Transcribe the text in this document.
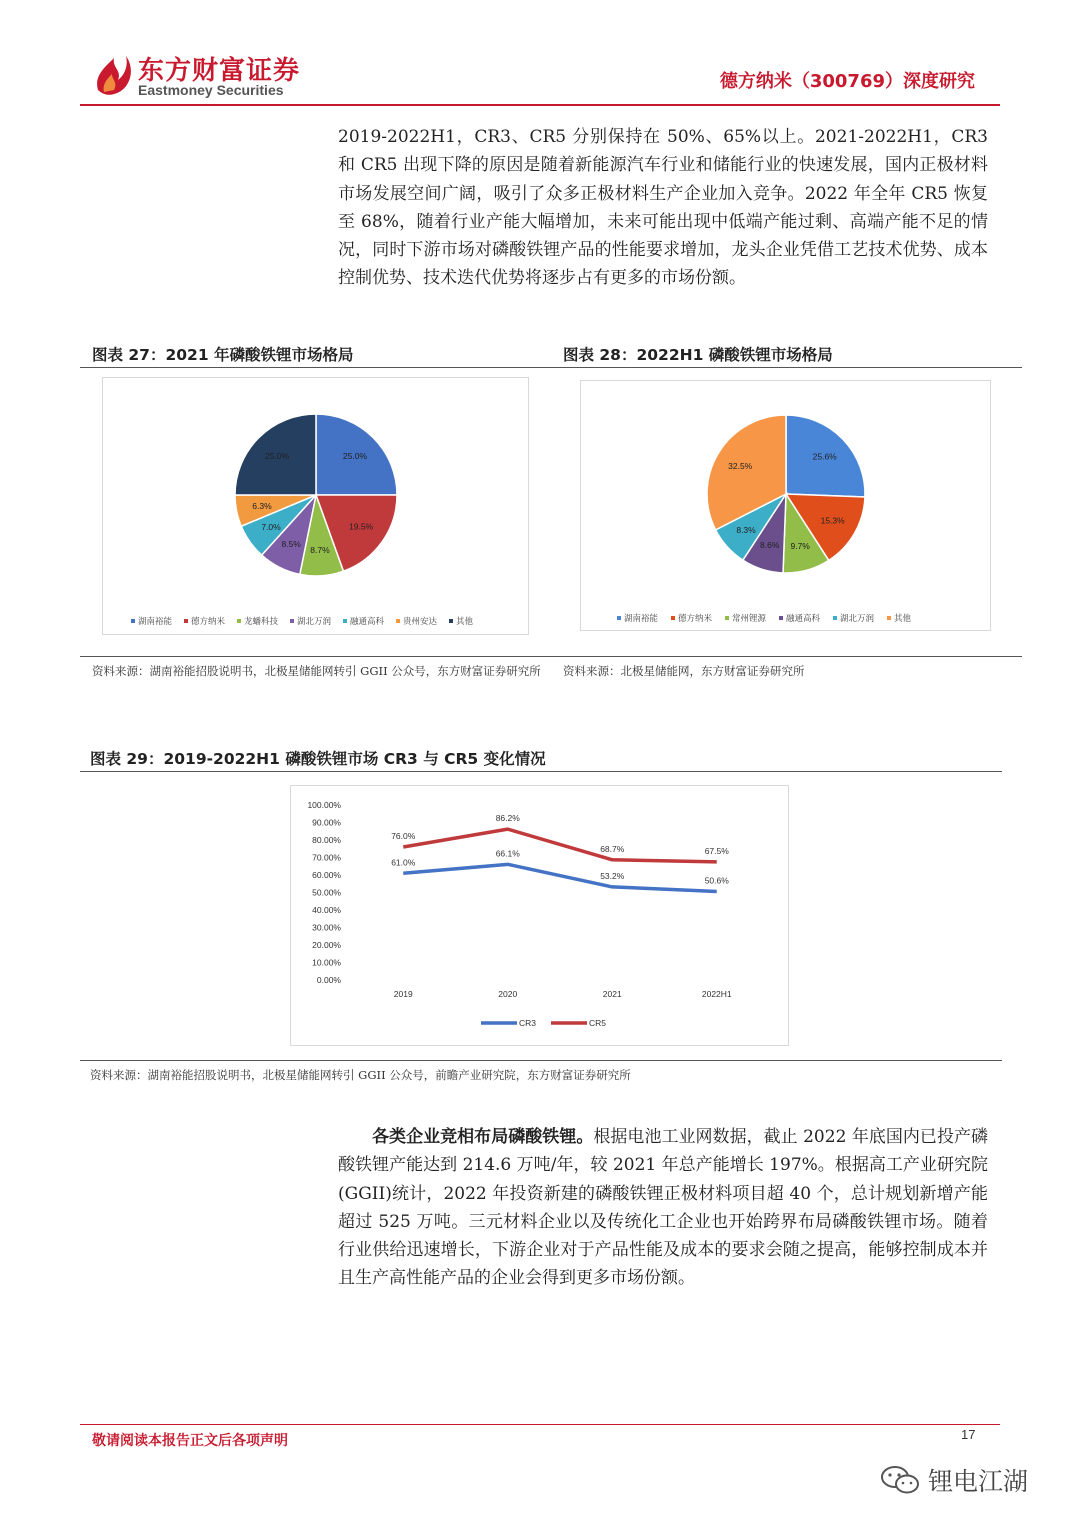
东方财富证券
Eastmoney Securities	德方纳米（300769）深度研究
2019-2022H1，CR3、CR5 分别保持在 50%、65%以上。2021-2022H1，CR3 和 CR5 出现下降的原因是随着新能源汽车行业和储能行业的快速发展，国内正极材料市场发展空间广阔，吸引了众多正极材料生产企业加入竞争。2022 年全年 CR5 恢复至 68%，随着行业产能大幅增加，未来可能出现中低端产能过剩、高端产能不足的情况，同时下游市场对磷酸铁锂产品的性能要求增加，龙头企业凭借工艺技术优势、成本控制优势、技术迭代优势将逐步占有更多的市场份额。
图表 27：2021 年磷酸铁锂市场格局	图表 28：2022H1 磷酸铁锂市场格局
25.0%
19.5%
8.7%
8.5%
7.0%
6.3%
25.0%
湖南裕能 德方纳米 龙蟠科技 湖北万润 融通高科 贵州安达 其他
25.6%
15.3%
9.7%
8.6%
8.3%
32.5%
湖南裕能 德方纳米 常州锂源 融通高科 湖北万润 其他
资料来源：湖南裕能招股说明书，北极星储能网转引 GGII 公众号，东方财富证券研究所	资料来源：北极星储能网，东方财富证券研究所
图表 29：2019-2022H1 磷酸铁锂市场 CR3 与 CR5 变化情况
0.00%
10.00%
20.00%
30.00%
40.00%
50.00%
60.00%
70.00%
80.00%
90.00%
100.00%
2019	2020	2021	2022H1
61.0%
66.1%
53.2%	50.6%
76.0%
86.2%
68.7%	67.5%
CR3	CR5
资料来源：湖南裕能招股说明书，北极星储能网转引 GGII 公众号，前瞻产业研究院，东方财富证券研究所
各类企业竞相布局磷酸铁锂。根据电池工业网数据，截止 2022 年底国内已投产磷酸铁锂产能达到 214.6 万吨/年，较 2021 年总产能增长 197%。根据高工产业研究院(GGII)统计，2022 年投资新建的磷酸铁锂正极材料项目超 40 个，总计规划新增产能超过 525 万吨。三元材料企业以及传统化工企业也开始跨界布局磷酸铁锂市场。随着行业供给迅速增长，下游企业对于产品性能及成本的要求会随之提高，能够控制成本并且生产高性能产品的企业会得到更多市场份额。
敬请阅读本报告正文后各项声明	17
锂电江湖
